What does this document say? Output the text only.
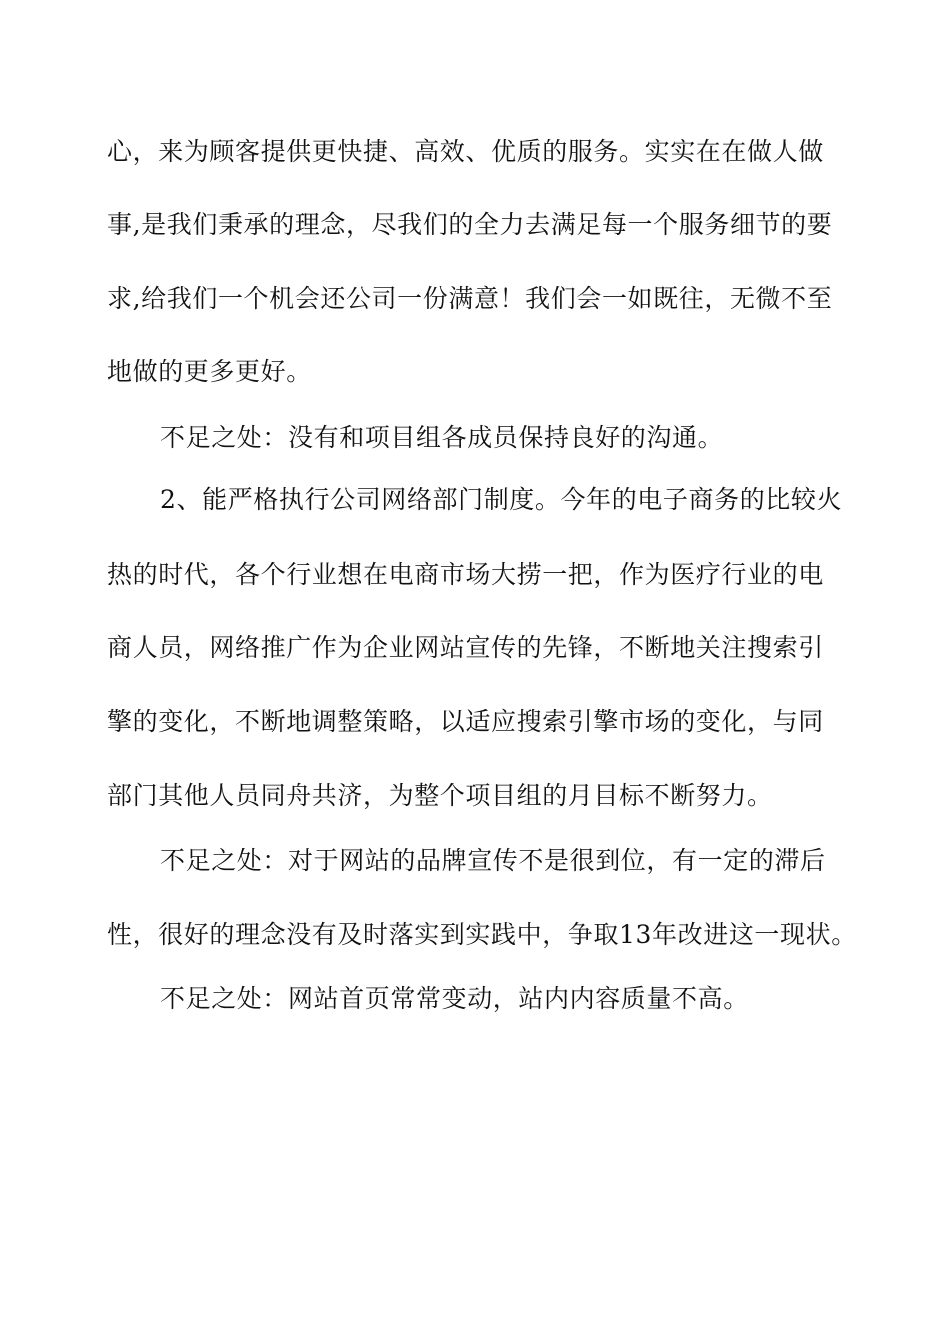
心，来为顾客提供更快捷、高效、优质的服务。实实在在做人做
事,是我们秉承的理念，尽我们的全力去满足每一个服务细节的要
求,给我们一个机会还公司一份满意！我们会一如既往，无微不至
地做的更多更好。
不足之处：没有和项目组各成员保持良好的沟通。
2、能严格执行公司网络部门制度。今年的电子商务的比较火
热的时代，各个行业想在电商市场大捞一把，作为医疗行业的电
商人员，网络推广作为企业网站宣传的先锋，不断地关注搜索引
擎的变化，不断地调整策略，以适应搜索引擎市场的变化，与同
部门其他人员同舟共济，为整个项目组的月目标不断努力。
不足之处：对于网站的品牌宣传不是很到位，有一定的滞后
性，很好的理念没有及时落实到实践中，争取13年改进这一现状。
不足之处：网站首页常常变动，站内内容质量不高。
